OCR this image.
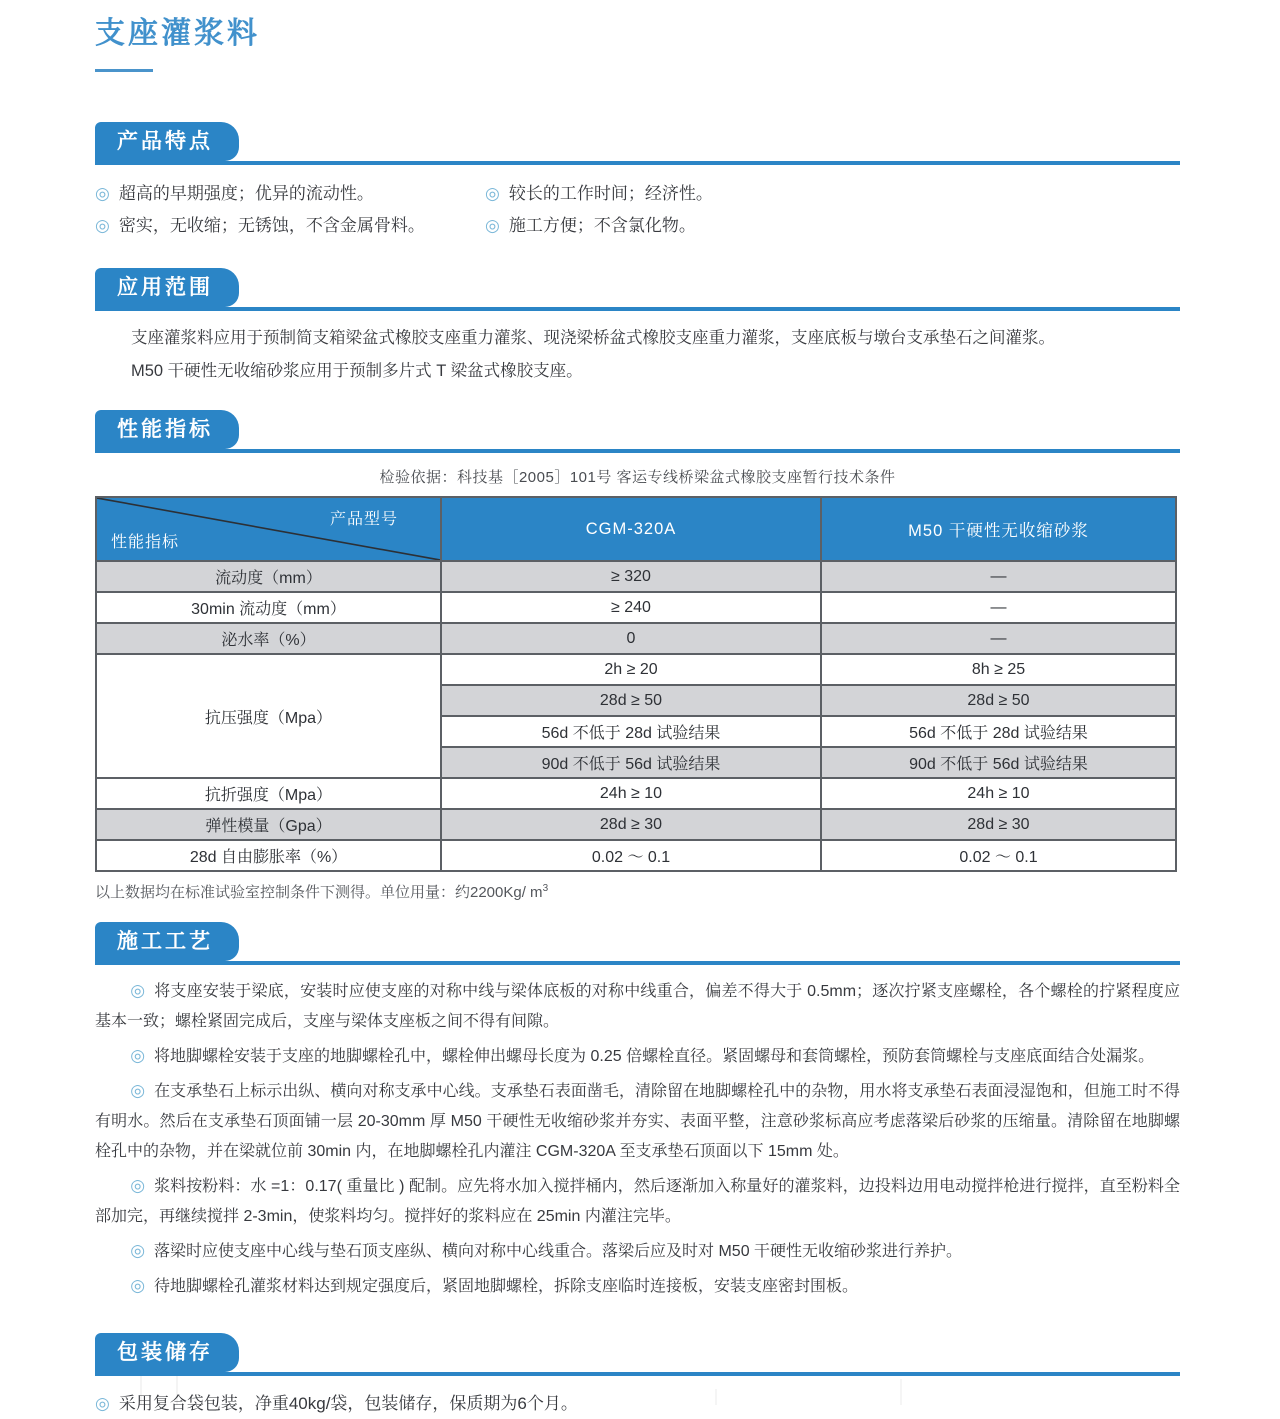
支座灌浆料
产品特点
◎ 超高的早期强度；优异的流动性。 ◎	较长的工作时间；经济性。
◎ 密实，无收缩；无锈蚀，不含金属骨料。 ◎	施工方便；不含氯化物。
应用范围
支座灌浆料应用于预制简支箱梁盆式橡胶支座重力灌浆、现浇梁桥盆式橡胶支座重力灌浆，支座底板与墩台支承垫石之间灌浆。
M50 干硬性无收缩砂浆应用于预制多片式 T 梁盆式橡胶支座。
性能指标
检验依据：科技基［2005］101号 客运专线桥梁盆式橡胶支座暂行技术条件
产品型号
性能指标	CGM-320A	M50 干硬性无收缩砂浆
流动度（mm）	≥ 320	—
30min 流动度（mm）	≥ 240	—
泌水率（%）	0	—
抗压强度（Mpa）	2h ≥ 20	8h ≥ 25
	28d ≥ 50	28d ≥ 50
	56d 不低于 28d 试验结果	56d 不低于 28d 试验结果
	90d 不低于 56d 试验结果	90d 不低于 56d 试验结果
抗折强度（Mpa）	24h ≥ 10	24h ≥ 10
弹性模量（Gpa）	28d ≥ 30	28d ≥ 30
28d 自由膨胀率（%）	0.02 ～ 0.1	0.02 ～ 0.1
以上数据均在标准试验室控制条件下测得。单位用量：约2200Kg/ $m^3$
施工工艺

◎ 将支座安装于梁底，安装时应使支座的对称中线与梁体底板的对称中线重合，偏差不得大于 0.5mm；逐次拧紧支座螺栓，各个螺栓的拧紧程度应基本一致；螺栓紧固完成后，支座与梁体支座板之间不得有间隙。

◎ 将地脚螺栓安装于支座的地脚螺栓孔中，螺栓伸出螺母长度为 0.25 倍螺栓直径。紧固螺母和套筒螺栓，预防套筒螺栓与支座底面结合处漏浆。

◎ 在支承垫石上标示出纵、横向对称支承中心线。支承垫石表面凿毛，清除留在地脚螺栓孔中的杂物，用水将支承垫石表面浸湿饱和，但施工时不得有明水。然后在支承垫石顶面铺一层 20-30mm 厚 M50 干硬性无收缩砂浆并夯实、表面平整，注意砂浆标高应考虑落梁后砂浆的压缩量。清除留在地脚螺栓孔中的杂物，并在梁就位前 30min 内，在地脚螺栓孔内灌注 CGM-320A 至支承垫石顶面以下 15mm 处。

◎ 浆料按粉料：水 =1：0.17( 重量比 ) 配制。应先将水加入搅拌桶内，然后逐渐加入称量好的灌浆料，边投料边用电动搅拌枪进行搅拌，直至粉料全部加完，再继续搅拌 2-3min，使浆料均匀。搅拌好的浆料应在 25min 内灌注完毕。

◎ 落梁时应使支座中心线与垫石顶支座纵、横向对称中心线重合。落梁后应及时对 M50 干硬性无收缩砂浆进行养护。

◎ 待地脚螺栓孔灌浆材料达到规定强度后，紧固地脚螺栓，拆除支座临时连接板，安装支座密封围板。

包装储存
◎ 采用复合袋包装，净重40kg/袋，包装储存，保质期为6个月。
